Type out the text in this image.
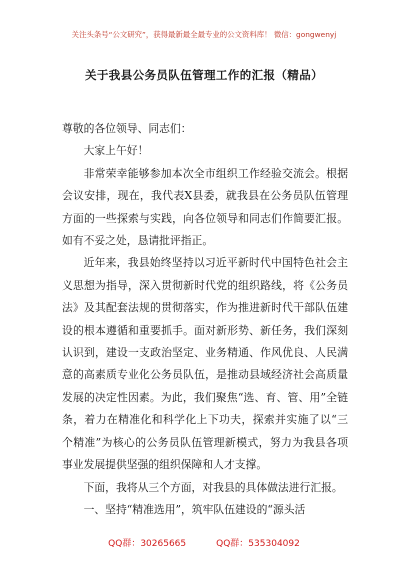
关注头条号“公文研究”，获得最新最全最专业的公文资料库！ 微信：gongwenyj
关于我县公务员队伍管理工作的汇报（精品）

尊敬的各位领导、同志们：

大家上午好！

非常荣幸能够参加本次全市组织工作经验交流会。根据会议安排，现在，我代表X县委，就我县在公务员队伍管理方面的一些探索与实践，向各位领导和同志们作简要汇报。如有不妥之处，恳请批评指正。

近年来，我县始终坚持以习近平新时代中国特色社会主义思想为指导，深入贯彻新时代党的组织路线，将《公务员法》及其配套法规的贯彻落实，作为推进新时代干部队伍建设的根本遵循和重要抓手。面对新形势、新任务，我们深刻认识到，建设一支政治坚定、业务精通、作风优良、人民满意的高素质专业化公务员队伍，是推动县域经济社会高质量发展的决定性因素。为此，我们聚焦“选、育、管、用”全链条，着力在精准化和科学化上下功夫，探索并实施了以“三个精准”为核心的公务员队伍管理新模式，努力为我县各项事业发展提供坚强的组织保障和人才支撑。

下面，我将从三个方面，对我县的具体做法进行汇报。

一、坚持“精准选用”，筑牢队伍建设的“源头活

QQ群：30265665	QQ群：535304092
